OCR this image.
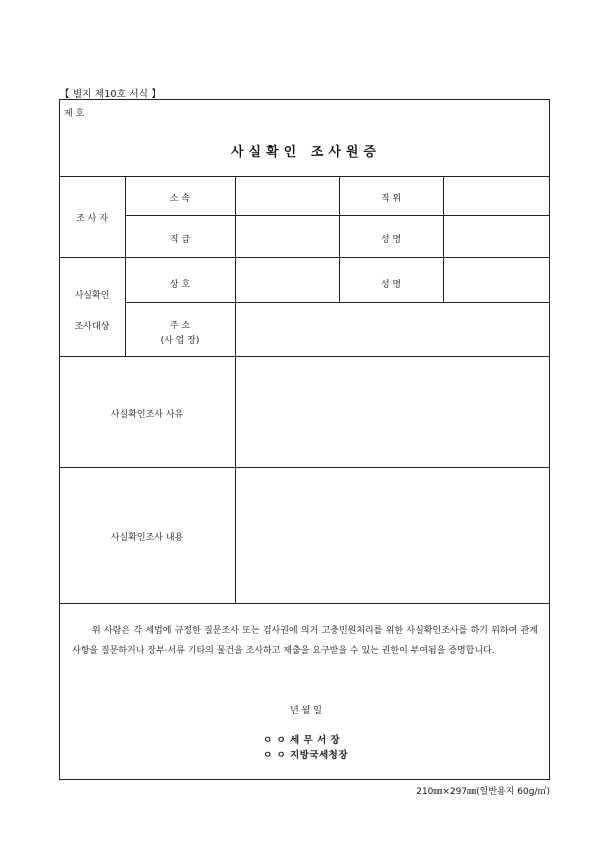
【 별지 제10호 서식 】
제 호
사실확인 조사원증
조 사 자
소 속	직 위
직 급	성 명
사실확인
조사대상
상 호	성 명
주 소
(사 업 장)
사실확인조사 사유
사실확인조사 내용
위 사람은 각 세법에 규정한 질문조사 또는 검사권에 의거 고충민원처리를 위한 사실확인조사를 하기 위하여 관계사항을 질문하거나 장부·서류 기타의 물건을 조사하고 제출을 요구받을 수 있는 권한이 부여됨을 증명합니다.
년 월 일
ㅇ ㅇ 세 무 서 장
ㅇ ㅇ 지방국세청장
210㎜×297㎜(일반용지 60g/㎡)
